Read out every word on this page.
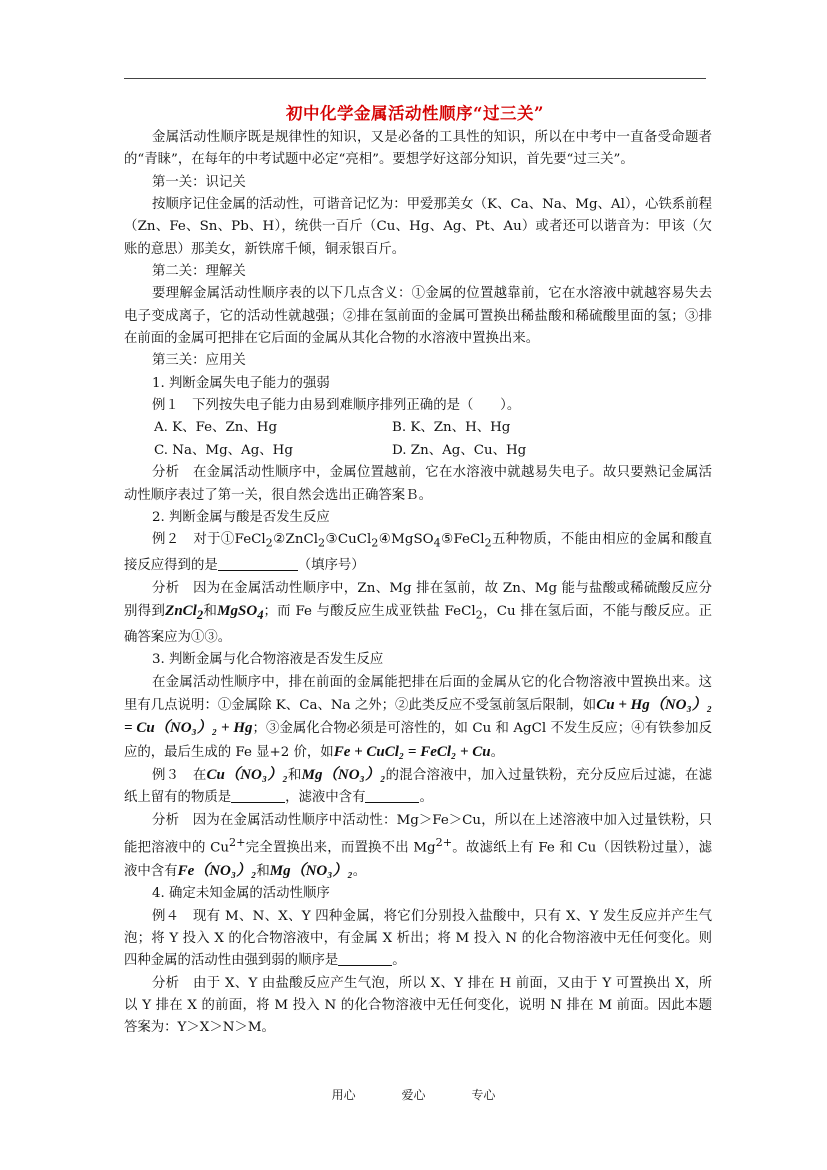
初中化学金属活动性顺序“过三关”

金属活动性顺序既是规律性的知识，又是必备的工具性的知识，所以在中考中一直备受命题者的“青睐”，在每年的中考试题中必定“亮相”。要想学好这部分知识，首先要“过三关”。

第一关：识记关

按顺序记住金属的活动性，可谐音记忆为：甲爱那美女（K、Ca、Na、Mg、Al），心铁系前程（Zn、Fe、Sn、Pb、H），统供一百斤（Cu、Hg、Ag、Pt、Au）或者还可以谐音为：甲该（欠账的意思）那美女，新铁席千倾，铜汞银百斤。

第二关：理解关

要理解金属活动性顺序表的以下几点含义：①金属的位置越靠前，它在水溶液中就越容易失去电子变成离子，它的活动性就越强；②排在氢前面的金属可置换出稀盐酸和稀硫酸里面的氢；③排在前面的金属可把排在它后面的金属从其化合物的水溶液中置换出来。

第三关：应用关

1. 判断金属失电子能力的强弱

例１　下列按失电子能力由易到难顺序排列正确的是（　　）。

A. K、Fe、Zn、Hg	B. K、Zn、H、Hg
C. Na、Mg、Ag、Hg	D. Zn、Ag、Cu、Hg

分析　在金属活动性顺序中，金属位置越前，它在水溶液中就越易失电子。故只要熟记金属活动性顺序表过了第一关，很自然会选出正确答案Ｂ。

2. 判断金属与酸是否发生反应

例２　对于①FeCl$_2$②ZnCl$_2$③CuCl$_2$④MgSO$_4$⑤FeCl$_2$五种物质，不能由相应的金属和酸直接反应得到的是	（填序号）

分析　因为在金属活动性顺序中，Zn、Mg 排在氢前，故 Zn、Mg 能与盐酸或稀硫酸反应分别得到ZnCl$_2$和MgSO$_4$；而 Fe 与酸反应生成亚铁盐 FeCl$_2$，Cu 排在氢后面，不能与酸反应。正确答案应为①③。

3. 判断金属与化合物溶液是否发生反应

在金属活动性顺序中，排在前面的金属能把排在后面的金属从它的化合物溶液中置换出来。这里有几点说明：①金属除 K、Ca、Na 之外；②此类反应不受氢前氢后限制，如Cu + Hg（NO₃）₂ = Cu（NO₃）₂ + Hg；③金属化合物必须是可溶性的，如 Cu 和 AgCl 不发生反应；④有铁参加反应的，最后生成的 Fe 显+2 价，如Fe + CuCl₂ = FeCl₂ + Cu。

例３　在Cu（NO₃）₂和Mg（NO₃）₂的混合溶液中，加入过量铁粉，充分反应后过滤，在滤纸上留有的物质是	，滤液中含有	。

分析　因为在金属活动性顺序中活动性：Mg＞Fe＞Cu，所以在上述溶液中加入过量铁粉，只能把溶液中的 $Cu^{2+}$完全置换出来，而置换不出 $Mg^{2+}$。故滤纸上有 Fe 和 Cu（因铁粉过量），滤液中含有Fe（NO₃）₂和Mg（NO₃）₂。

4. 确定未知金属的活动性顺序

例４　现有 M、N、X、Y 四种金属，将它们分别投入盐酸中，只有 X、Y 发生反应并产生气泡；将 Y 投入 X 的化合物溶液中，有金属 X 析出；将 M 投入 N 的化合物溶液中无任何变化。则四种金属的活动性由强到弱的顺序是	。

分析　由于 X、Y 由盐酸反应产生气泡，所以 X、Y 排在 H 前面，又由于 Y 可置换出 X，所以 Y 排在 X 的前面，将 M 投入 N 的化合物溶液中无任何变化，说明 N 排在 M 前面。因此本题答案为：Y＞X＞N＞M。

用心	爱心	专心
